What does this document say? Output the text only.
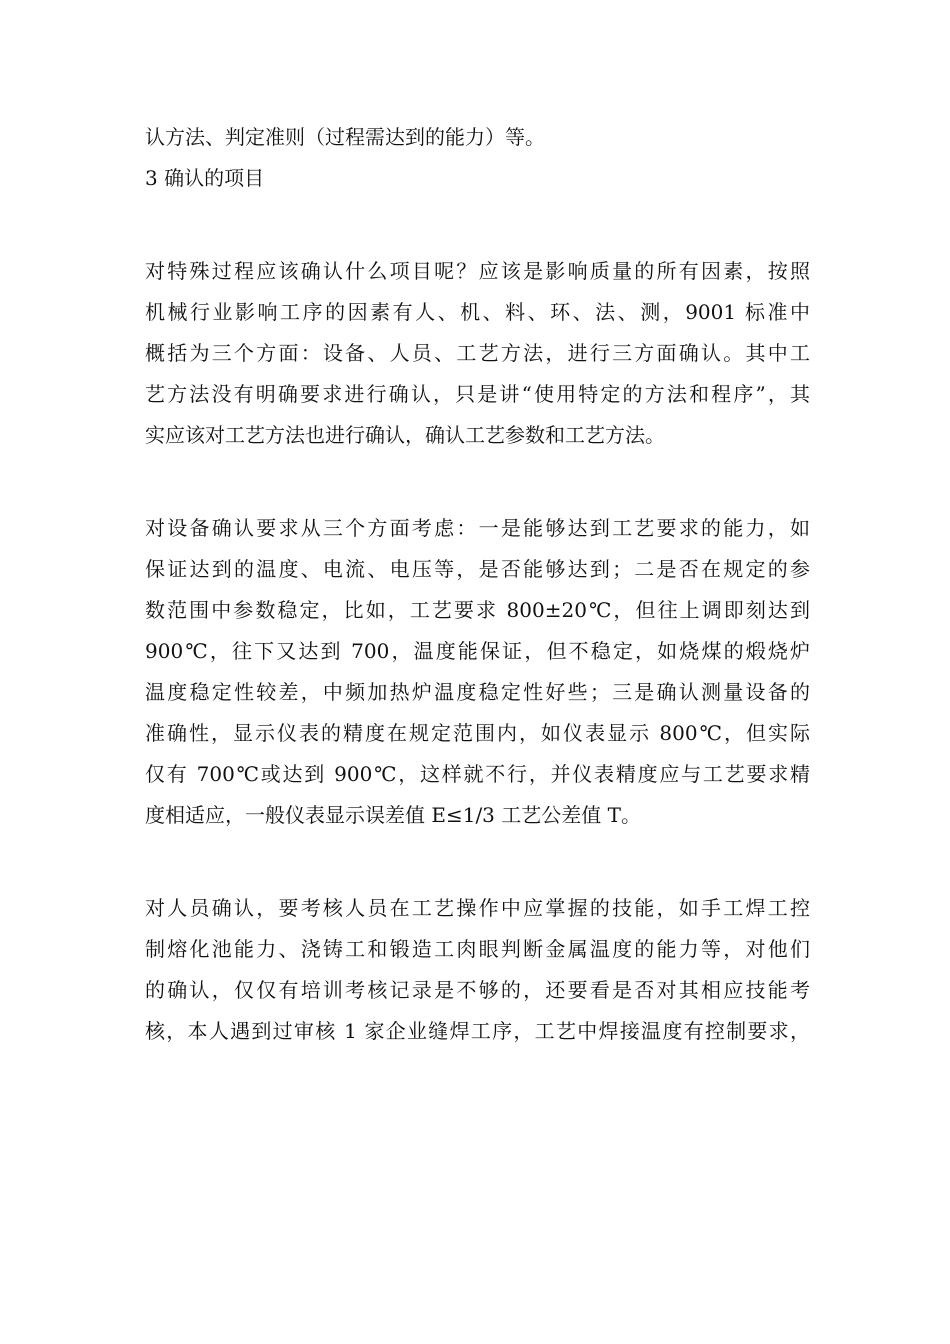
认方法、判定准则（过程需达到的能力）等。
3 确认的项目
对特殊过程应该确认什么项目呢？应该是影响质量的所有因素，按照
机械行业影响工序的因素有人、机、料、环、法、测，9001 标准中
概括为三个方面：设备、人员、工艺方法，进行三方面确认。其中工
艺方法没有明确要求进行确认，只是讲“使用特定的方法和程序”，其
实应该对工艺方法也进行确认，确认工艺参数和工艺方法。
对设备确认要求从三个方面考虑：一是能够达到工艺要求的能力，如
保证达到的温度、电流、电压等，是否能够达到；二是否在规定的参
数范围中参数稳定，比如，工艺要求 800±20℃，但往上调即刻达到
900℃，往下又达到 700，温度能保证，但不稳定，如烧煤的煅烧炉
温度稳定性较差，中频加热炉温度稳定性好些；三是确认测量设备的
准确性，显示仪表的精度在规定范围内，如仪表显示 800℃，但实际
仅有 700℃或达到 900℃，这样就不行，并仪表精度应与工艺要求精
度相适应，一般仪表显示误差值 E≤1/3 工艺公差值 T。
对人员确认，要考核人员在工艺操作中应掌握的技能，如手工焊工控
制熔化池能力、浇铸工和锻造工肉眼判断金属温度的能力等，对他们
的确认，仅仅有培训考核记录是不够的，还要看是否对其相应技能考
核，本人遇到过审核 1 家企业缝焊工序，工艺中焊接温度有控制要求，
